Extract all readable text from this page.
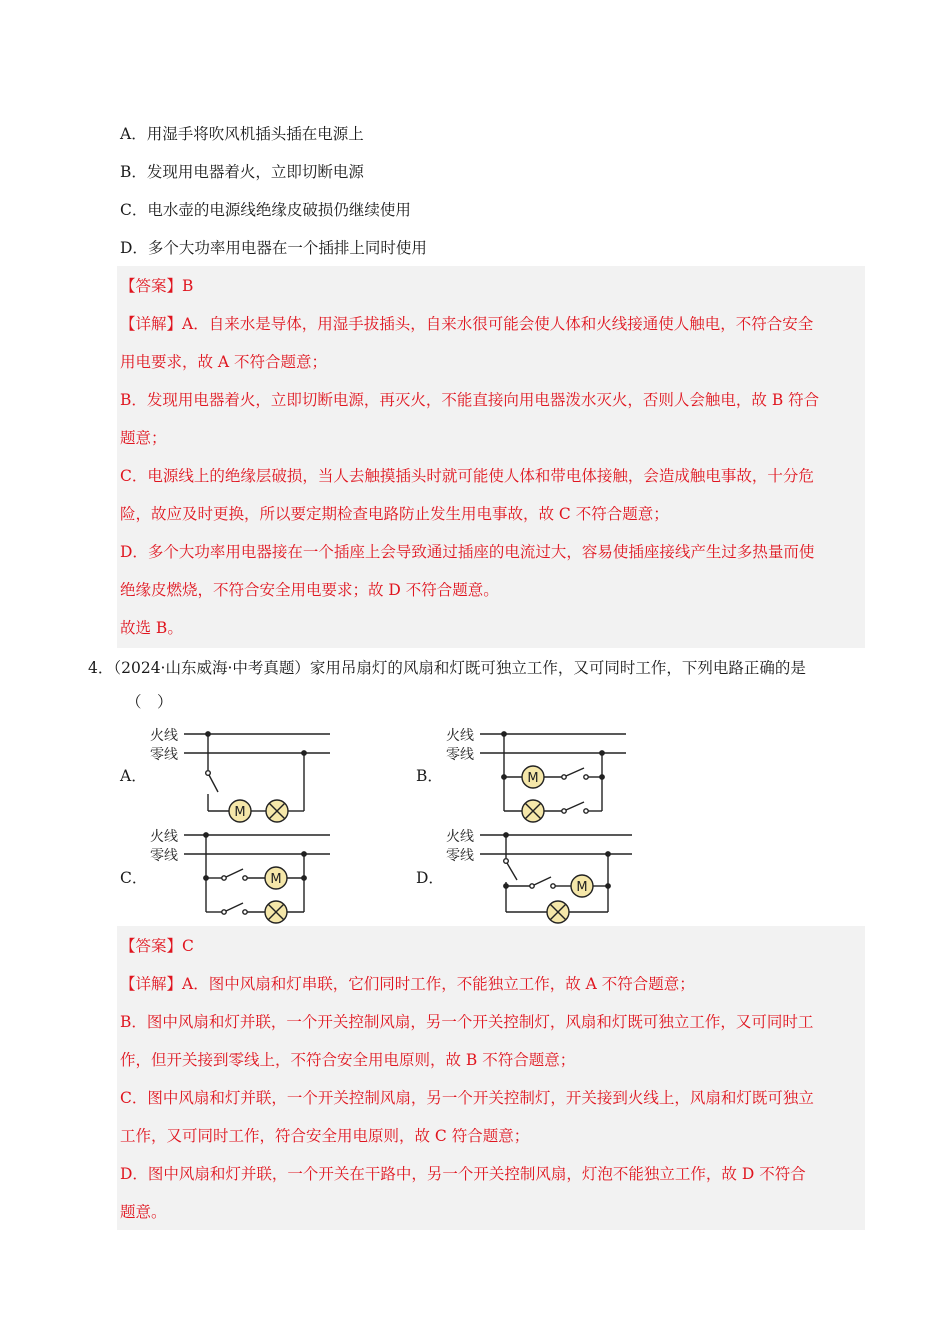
A．用湿手将吹风机插头插在电源上
B．发现用电器着火，立即切断电源
C．电水壶的电源线绝缘皮破损仍继续使用
D．多个大功率用电器在一个插排上同时使用
【答案】B
【详解】A．自来水是导体，用湿手拔插头，自来水很可能会使人体和火线接通使人触电，不符合安全
用电要求，故 A 不符合题意；
B．发现用电器着火，立即切断电源，再灭火，不能直接向用电器泼水灭火，否则人会触电，故 B 符合
题意；
C．电源线上的绝缘层破损，当人去触摸插头时就可能使人体和带电体接触，会造成触电事故，十分危
险，故应及时更换，所以要定期检查电路防止发生用电事故，故 C 不符合题意；
D．多个大功率用电器接在一个插座上会导致通过插座的电流过大，容易使插座接线产生过多热量而使
绝缘皮燃烧，不符合安全用电要求；故 D 不符合题意。
故选 B。
4．（2024·山东威海·中考真题）家用吊扇灯的风扇和灯既可独立工作，又可同时工作，下列电路正确的是
（　）
A．	B．
C．	D．
火线
零线
M
火线
零线
M
火线
零线
M
火线
零线
M
【答案】C
【详解】A．图中风扇和灯串联，它们同时工作，不能独立工作，故 A 不符合题意；
B．图中风扇和灯并联，一个开关控制风扇，另一个开关控制灯，风扇和灯既可独立工作，又可同时工
作，但开关接到零线上，不符合安全用电原则，故 B 不符合题意；
C．图中风扇和灯并联，一个开关控制风扇，另一个开关控制灯，开关接到火线上，风扇和灯既可独立
工作，又可同时工作，符合安全用电原则，故 C 符合题意；
D．图中风扇和灯并联，一个开关在干路中，另一个开关控制风扇，灯泡不能独立工作，故 D 不符合
题意。
